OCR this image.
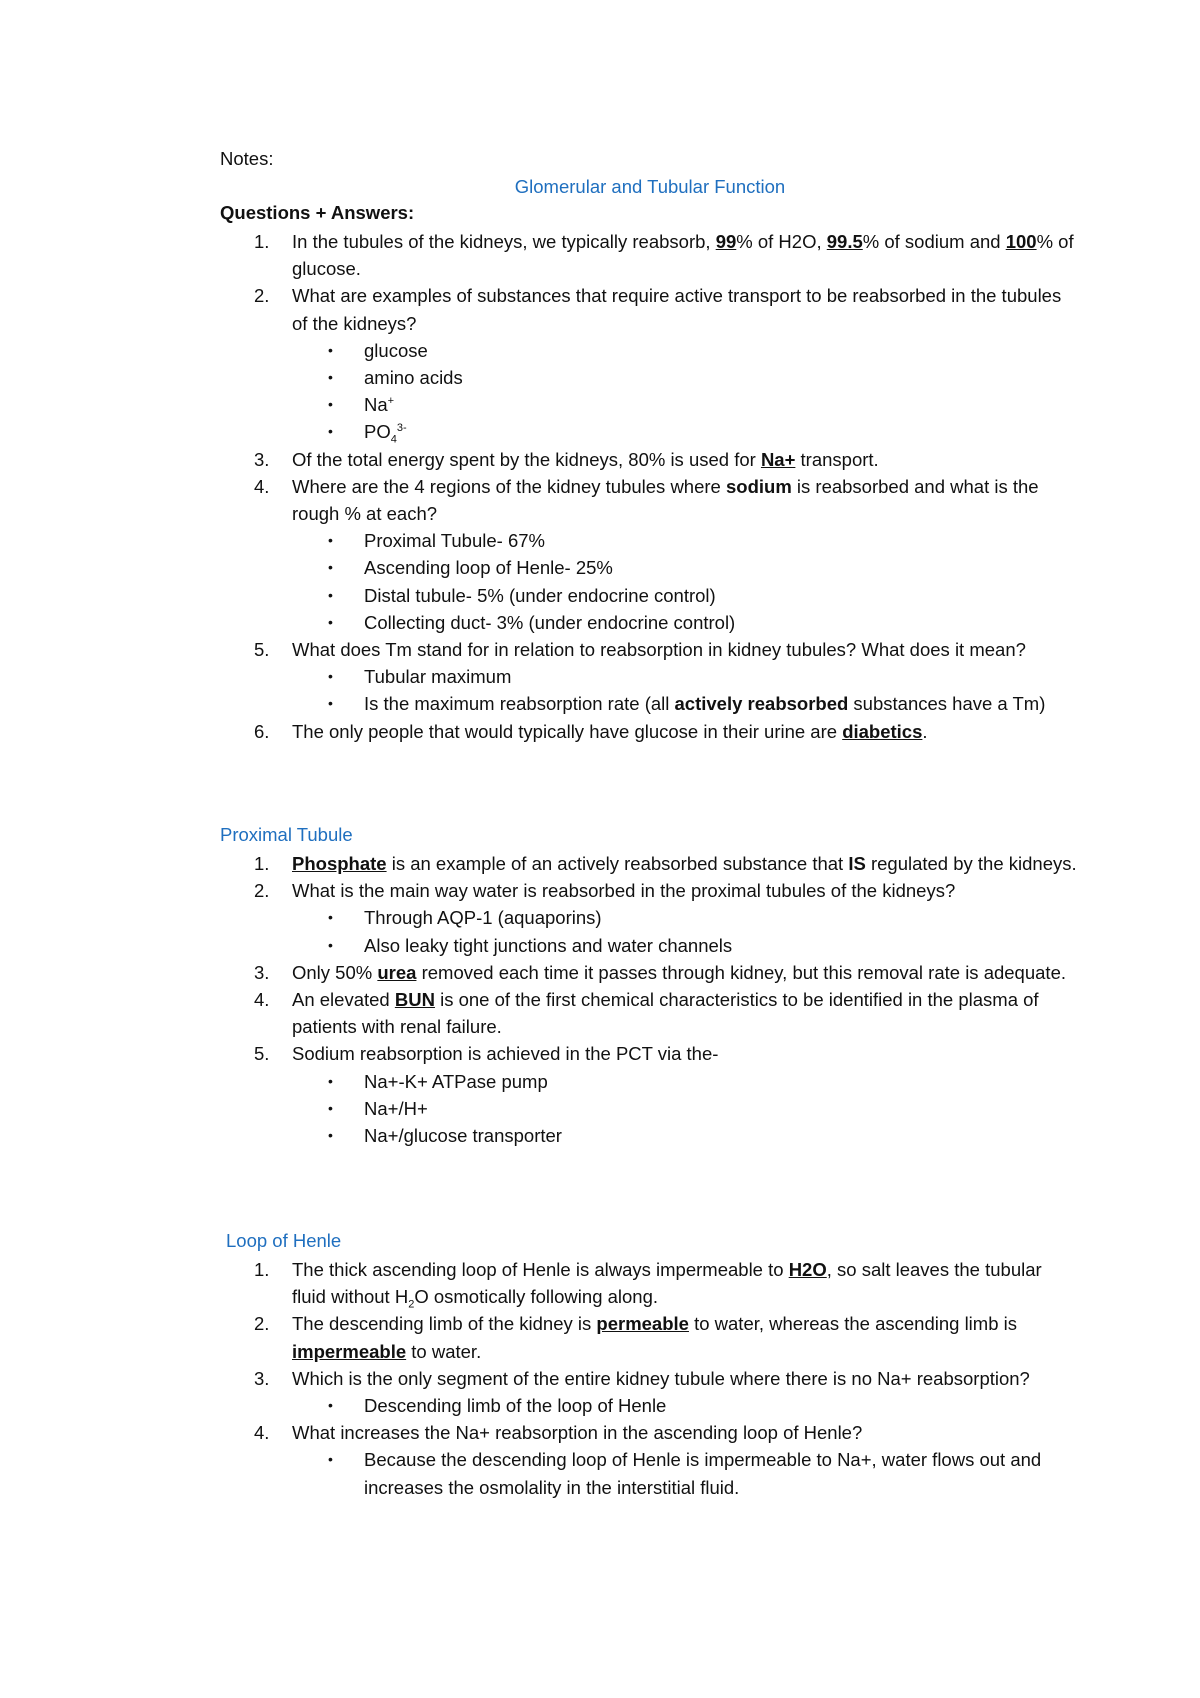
Notes:
Glomerular and Tubular Function
Questions + Answers:
1. In the tubules of the kidneys, we typically reabsorb, 99% of H2O, 99.5% of sodium and 100% of glucose.
2. What are examples of substances that require active transport to be reabsorbed in the tubules of the kidneys?
• glucose
• amino acids
• Na+
• $PO_4^{3-}$
3. Of the total energy spent by the kidneys, 80% is used for Na+ transport.
4. Where are the 4 regions of the kidney tubules where sodium is reabsorbed and what is the rough % at each?
• Proximal Tubule- 67%
• Ascending loop of Henle- 25%
• Distal tubule- 5% (under endocrine control)
• Collecting duct- 3% (under endocrine control)
5. What does Tm stand for in relation to reabsorption in kidney tubules? What does it mean?
• Tubular maximum
• Is the maximum reabsorption rate (all actively reabsorbed substances have a Tm)
6. The only people that would typically have glucose in their urine are diabetics.
Proximal Tubule
1. Phosphate is an example of an actively reabsorbed substance that IS regulated by the kidneys.
2. What is the main way water is reabsorbed in the proximal tubules of the kidneys?
• Through AQP-1 (aquaporins)
• Also leaky tight junctions and water channels
3. Only 50% urea removed each time it passes through kidney, but this removal rate is adequate.
4. An elevated BUN is one of the first chemical characteristics to be identified in the plasma of patients with renal failure.
5. Sodium reabsorption is achieved in the PCT via the-
• Na+-K+ ATPase pump
• Na+/H+
• Na+/glucose transporter
Loop of Henle
1. The thick ascending loop of Henle is always impermeable to H2O, so salt leaves the tubular fluid without $H_2O$ osmotically following along.
2. The descending limb of the kidney is permeable to water, whereas the ascending limb is impermeable to water.
3. Which is the only segment of the entire kidney tubule where there is no Na+ reabsorption?
• Descending limb of the loop of Henle
4. What increases the Na+ reabsorption in the ascending loop of Henle?
• Because the descending loop of Henle is impermeable to Na+, water flows out and increases the osmolality in the interstitial fluid.
